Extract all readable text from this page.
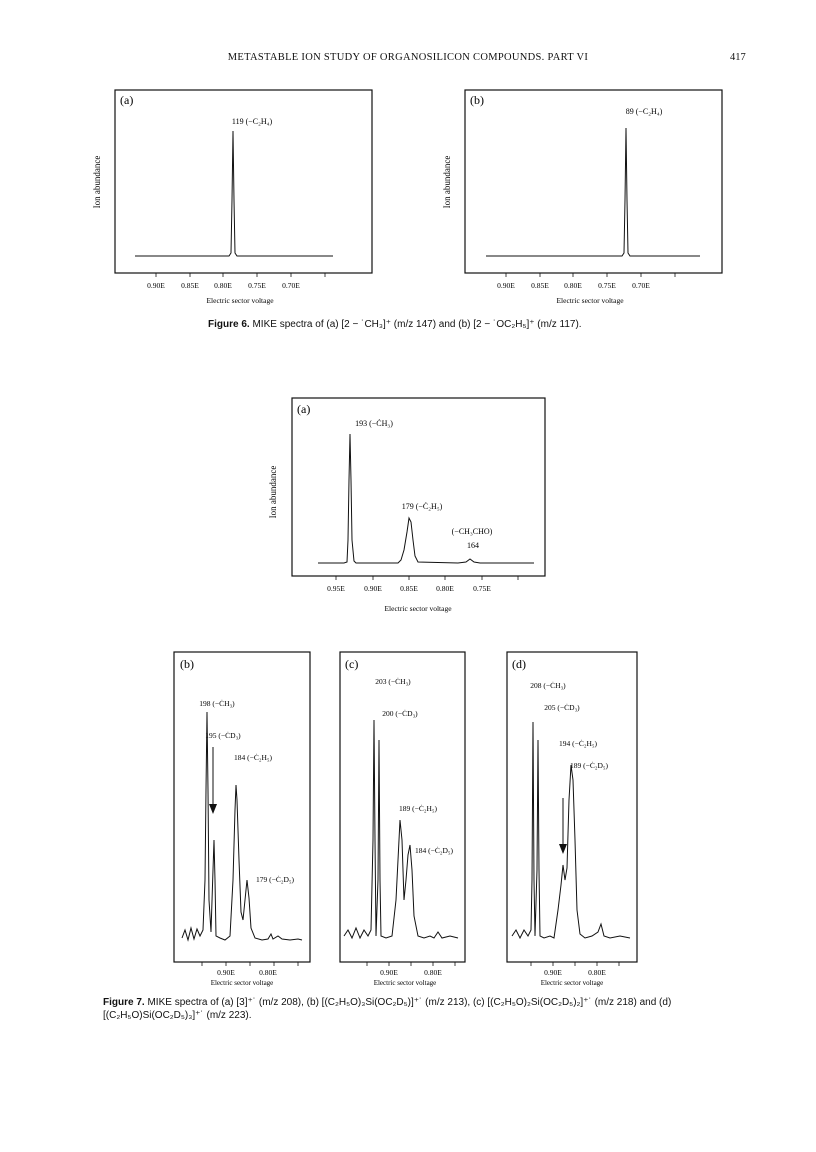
METASTABLE ION STUDY OF ORGANOSILICON COMPOUNDS. PART VI	417
(a)
Ion abundance
119 (−C₂H₄)
0.90E 0.85E 0.80E 0.75E 0.70E
Electric sector voltage
(b)
Ion abundance
89 (−C₂H₄)
0.90E 0.85E 0.80E 0.75E 0.70E
Electric sector voltage
Figure 6. MIKE spectra of (a) [2 − ˙CH₃]⁺ (m/z 147) and (b) [2 − ˙OC₂H₅]⁺ (m/z 117).
(a)
Ion abundance
193 (−ĊH₃)
179 (−Ċ₂H₅)
(−CH₃CHO)
164
0.95E	0.90E 0.85E 0.80E	0.75E
Electric sector voltage
(b)
198 (−ĊH₃)
195 (−ĊD₃)
184 (−Ċ₂H₅)
179 (−Ċ₂D₅)
0.90E	0.80E
Electric sector voltage
(c)
203 (−ĊH₃)
200 (−ĊD₃)
189 (−Ċ₂H₅)
184 (−Ċ₂D₅)
0.90E	0.80E
Electric sector voltage
(d)
208 (−ĊH₃)
205 (−ĊD₃)
194 (−Ċ₂H₅)
189 (−Ċ₂D₅)
0.90E	0.80E
Electric sector voltage
Figure 7. MIKE spectra of (a) [3]⁺˙ (m/z 208), (b) [(C₂H₅O)₃Si(OC₂D₅)]⁺˙ (m/z 213), (c) [(C₂H₅O)₂Si(OC₂D₅)₂]⁺˙ (m/z 218) and (d)
[(C₂H₅O)Si(OC₂D₅)₃]⁺˙ (m/z 223).
